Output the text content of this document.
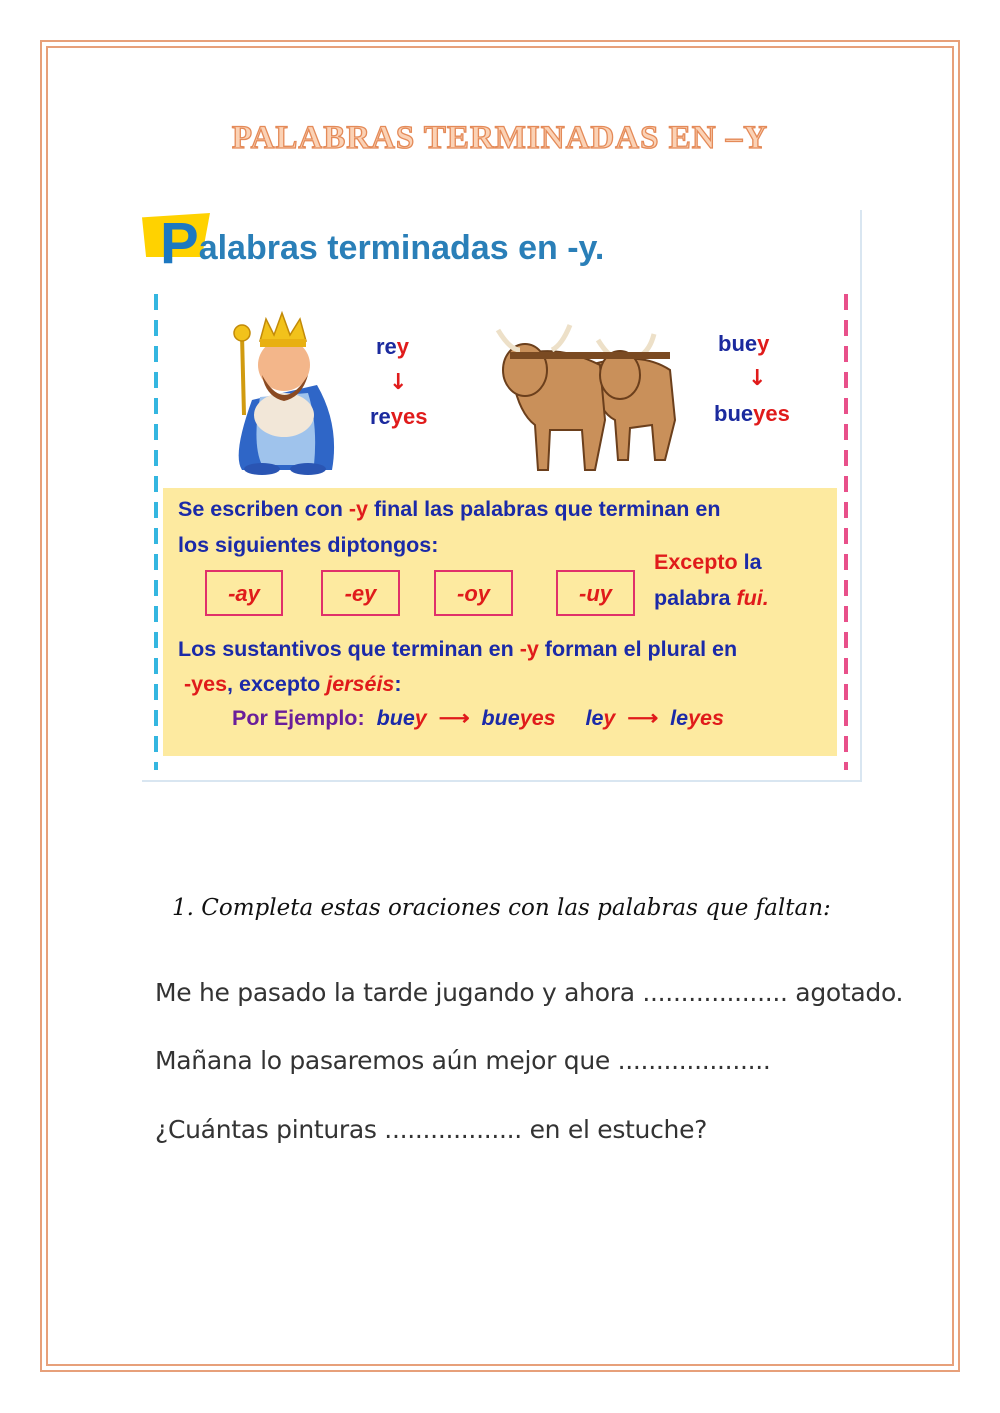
PALABRAS TERMINADAS EN –Y
Palabras terminadas en -y.
rey
↓
reyes
buey
↓
bueyes
Se escriben con -y final las palabras que terminan en
los siguientes diptongos:
-ay	-ey	-oy	-uy
Excepto la
palabra fui.
Los sustantivos que terminan en -y forman el plural en
-yes, excepto jerséis:
Por Ejemplo: buey ⟶ bueyes ley ⟶ leyes
1. Completa estas oraciones con las palabras que faltan:
Me he pasado la tarde jugando y ahora ................... agotado.
Mañana lo pasaremos aún mejor que ....................
¿Cuántas pinturas .................. en el estuche?
